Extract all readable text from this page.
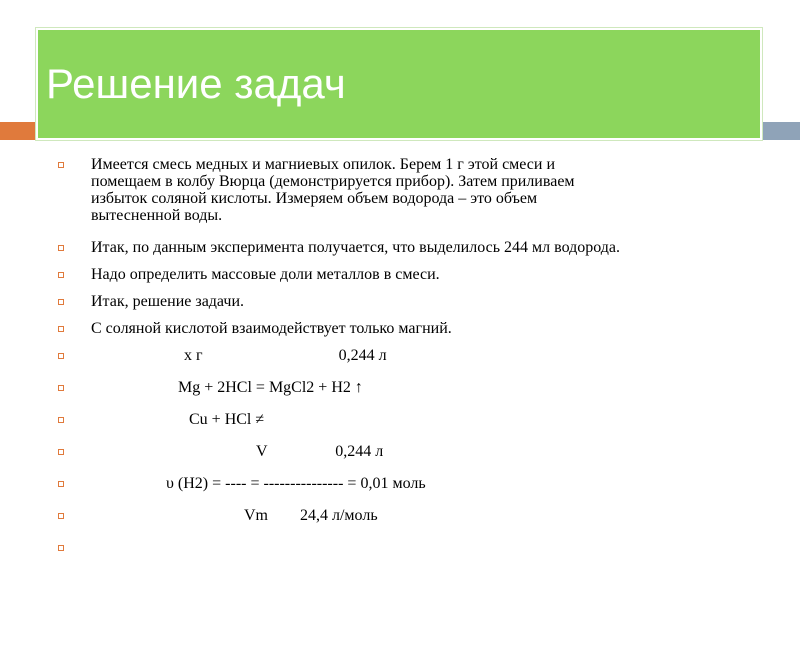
Решение задач
Имеется смесь медных и магниевых опилок. Берем 1 г этой смеси и
помещаем в колбу Вюрца (демонстрируется прибор). Затем приливаем
избыток соляной кислоты. Измеряем объем водорода – это объем
вытесненной воды.
Итак, по данным эксперимента получается, что выделилось 244 мл водорода.
Надо определить массовые доли металлов в смеси.
Итак, решение задачи.
С соляной кислотой взаимодействует только магний.
x г                                  0,244 л
Mg + 2HCl = MgCl2 + H2 ↑
Cu + HCl ≠
V                 0,244 л
υ (H2) = ---- = --------------- = 0,01 моль
Vm        24,4 л/моль
